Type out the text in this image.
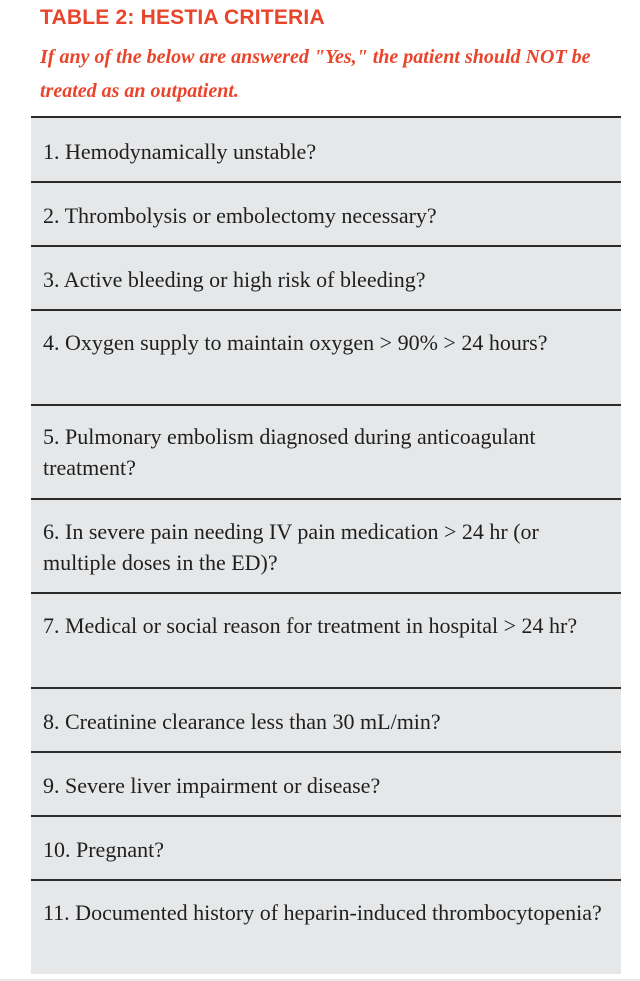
TABLE 2: HESTIA CRITERIA
If any of the below are answered "Yes," the patient should NOT be treated as an outpatient.
1. Hemodynamically unstable?
2. Thrombolysis or embolectomy necessary?
3. Active bleeding or high risk of bleeding?
4. Oxygen supply to maintain oxygen > 90% > 24 hours?
5. Pulmonary embolism diagnosed during anticoagulant treatment?
6. In severe pain needing IV pain medication > 24 hr (or multiple doses in the ED)?
7. Medical or social reason for treatment in hospital > 24 hr?
8. Creatinine clearance less than 30 mL/min?
9. Severe liver impairment or disease?
10. Pregnant?
11. Documented history of heparin-induced thrombocytopenia?
